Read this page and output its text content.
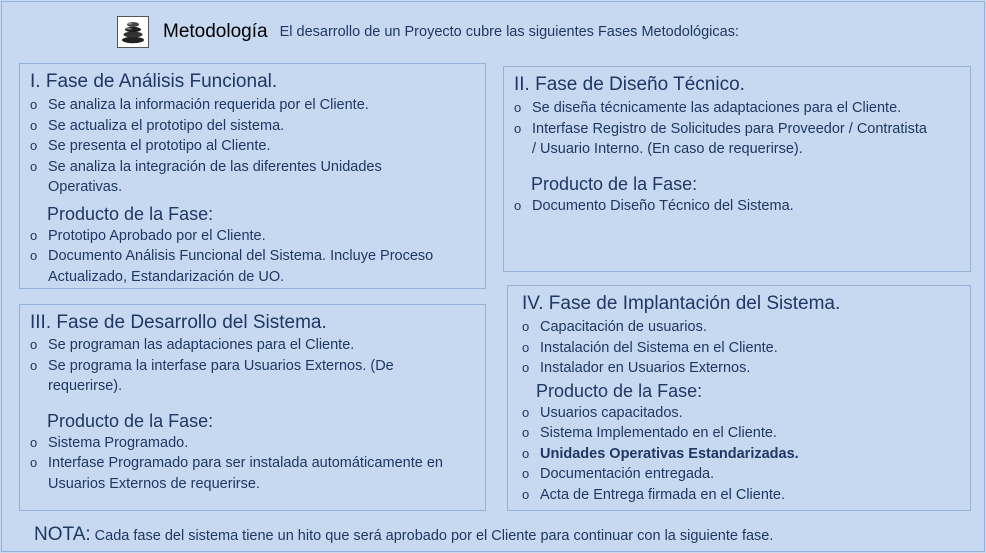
Metodología El desarrollo de un Proyecto cubre las siguientes Fases Metodológicas:
I. Fase de Análisis Funcional.
o Se analiza la información requerida por el Cliente.
o Se actualiza el prototipo del sistema.
o Se presenta el prototipo al Cliente.
o Se analiza la integración de las diferentes Unidades Operativas.
Producto de la Fase:
o Prototipo Aprobado por el Cliente.
o Documento Análisis Funcional del Sistema. Incluye Proceso Actualizado, Estandarización de UO.
II. Fase de Diseño Técnico.
o Se diseña técnicamente las adaptaciones para el Cliente.
o Interfase Registro de Solicitudes para Proveedor / Contratista / Usuario Interno. (En caso de requerirse).
Producto de la Fase:
o Documento Diseño Técnico del Sistema.
III. Fase de Desarrollo del Sistema.
o Se programan las adaptaciones para el Cliente.
o Se programa la interfase para Usuarios Externos. (De requerirse).
Producto de la Fase:
o Sistema Programado.
o Interfase Programado para ser instalada automáticamente en Usuarios Externos de requerirse.
IV. Fase de Implantación del Sistema.
o Capacitación de usuarios.
o Instalación del Sistema en el Cliente.
o Instalador en Usuarios Externos.
Producto de la Fase:
o Usuarios capacitados.
o Sistema Implementado en el Cliente.
o Unidades Operativas Estandarizadas.
o Documentación entregada.
o Acta de Entrega firmada en el Cliente.
NOTA: Cada fase del sistema tiene un hito que será aprobado por el Cliente para continuar con la siguiente fase.
